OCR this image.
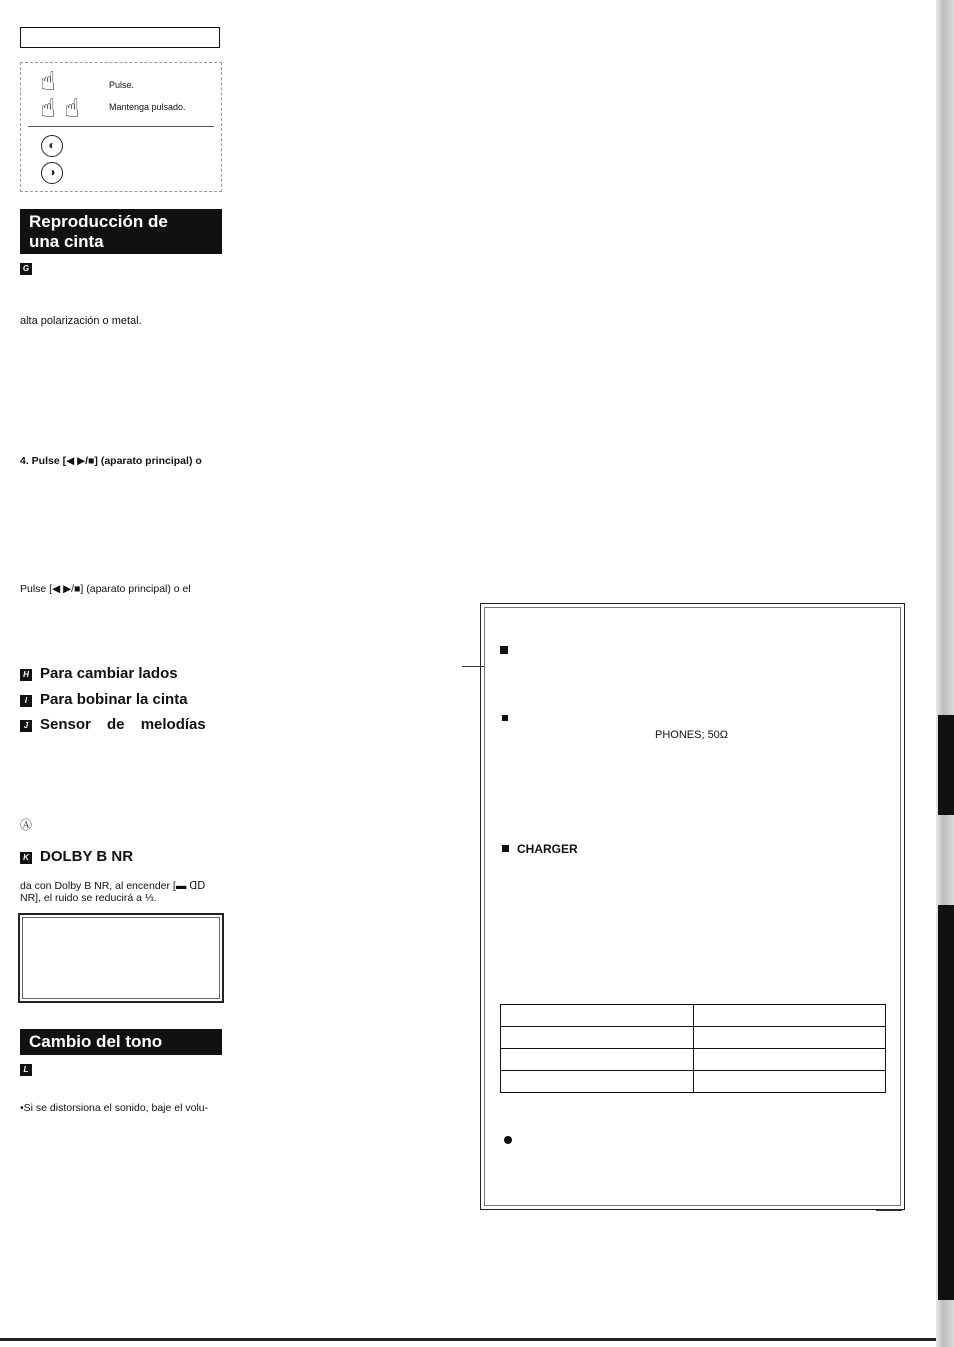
☝	Pulse.
☝ ☝	Mantenga pulsado.
◐
◑
Reproducción de
una cinta
G
alta polarización o metal.
4. Pulse [◀ ▶/■] (aparato principal) o
Pulse [◀ ▶/■] (aparato principal) o el
H Para cambiar lados
I Para bobinar la cinta
J Sensor de melodías
Ⓐ
K DOLBY B NR
da con Dolby B NR, al encender [▬ ᗡᗞ
NR], el ruido se reducirá a ⅓.
Cambio del tono
L
•Si se distorsiona el sonido, baje el volu-
PHONES; 50Ω
CHARGER
